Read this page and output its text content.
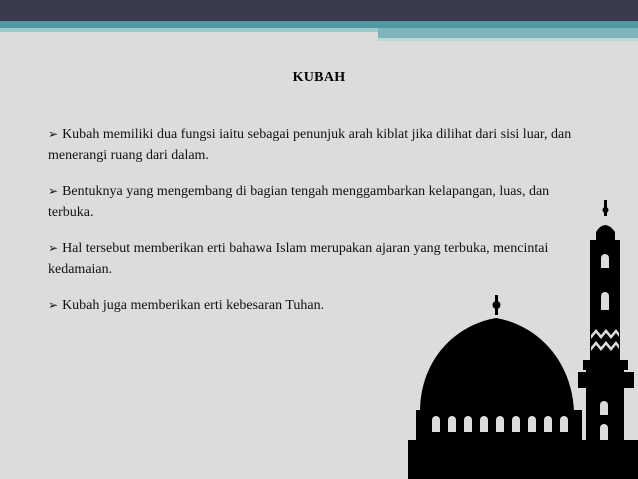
KUBAH
➢ Kubah memiliki dua fungsi iaitu sebagai penunjuk arah kiblat jika dilihat dari sisi luar, dan menerangi ruang dari dalam.
➢ Bentuknya yang mengembang di bagian tengah menggambarkan kelapangan, luas, dan terbuka.
➢ Hal tersebut memberikan erti bahawa Islam merupakan ajaran yang terbuka, mencintai kedamaian.
➢ Kubah juga memberikan erti kebesaran Tuhan.
